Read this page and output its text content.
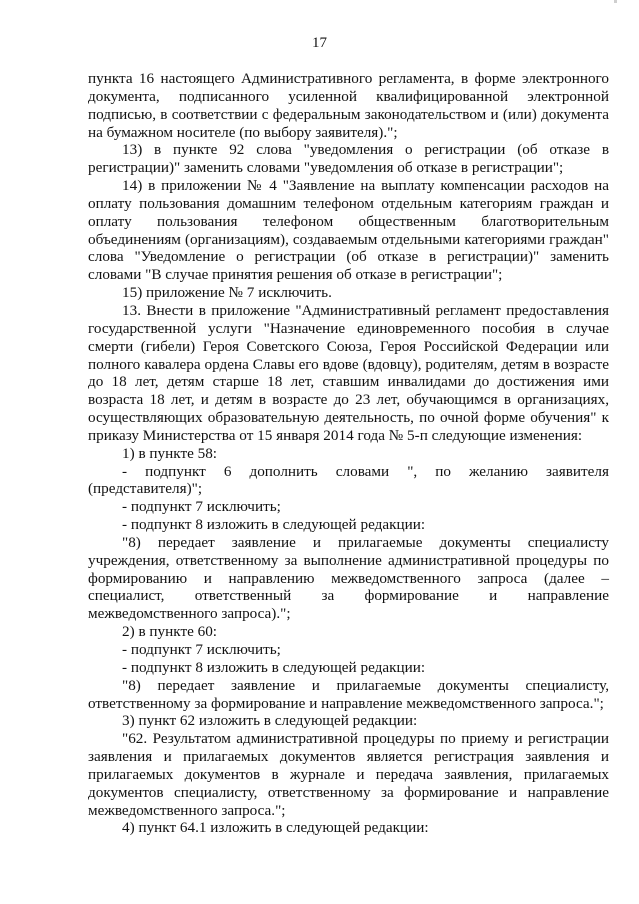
17

пункта 16 настоящего Административного регламента, в форме электронного документа, подписанного усиленной квалифицированной электронной подписью, в соответствии с федеральным законодательством и (или) документа на бумажном носителе (по выбору заявителя).";

13) в пункте 92 слова "уведомления о регистрации (об отказе в регистрации)" заменить словами "уведомления об отказе в регистрации";

14) в приложении № 4 "Заявление на выплату компенсации расходов на оплату пользования домашним телефоном отдельным категориям граждан и оплату пользования телефоном общественным благотворительным объединениям (организациям), создаваемым отдельными категориями граждан" слова "Уведомление о регистрации (об отказе в регистрации)" заменить словами "В случае принятия решения об отказе в регистрации";

15) приложение № 7 исключить.

13. Внести в приложение "Административный регламент предоставления государственной услуги "Назначение единовременного пособия в случае смерти (гибели) Героя Советского Союза, Героя Российской Федерации или полного кавалера ордена Славы его вдове (вдовцу), родителям, детям в возрасте до 18 лет, детям старше 18 лет, ставшим инвалидами до достижения ими возраста 18 лет, и детям в возрасте до 23 лет, обучающимся в организациях, осуществляющих образовательную деятельность, по очной форме обучения" к приказу Министерства от 15 января 2014 года № 5-п следующие изменения:

1) в пункте 58:

- подпункт 6 дополнить словами ", по желанию заявителя (представителя)";

- подпункт 7 исключить;

- подпункт 8 изложить в следующей редакции:

"8) передает заявление и прилагаемые документы специалисту учреждения, ответственному за выполнение административной процедуры по формированию и направлению межведомственного запроса (далее – специалист, ответственный за формирование и направление межведомственного запроса).";

2) в пункте 60:

- подпункт 7 исключить;

- подпункт 8 изложить в следующей редакции:

"8) передает заявление и прилагаемые документы специалисту, ответственному за формирование и направление межведомственного запроса.";

3) пункт 62 изложить в следующей редакции:

"62. Результатом административной процедуры по приему и регистрации заявления и прилагаемых документов является регистрация заявления и прилагаемых документов в журнале и передача заявления, прилагаемых документов специалисту, ответственному за формирование и направление межведомственного запроса.";

4) пункт 64.1 изложить в следующей редакции:
